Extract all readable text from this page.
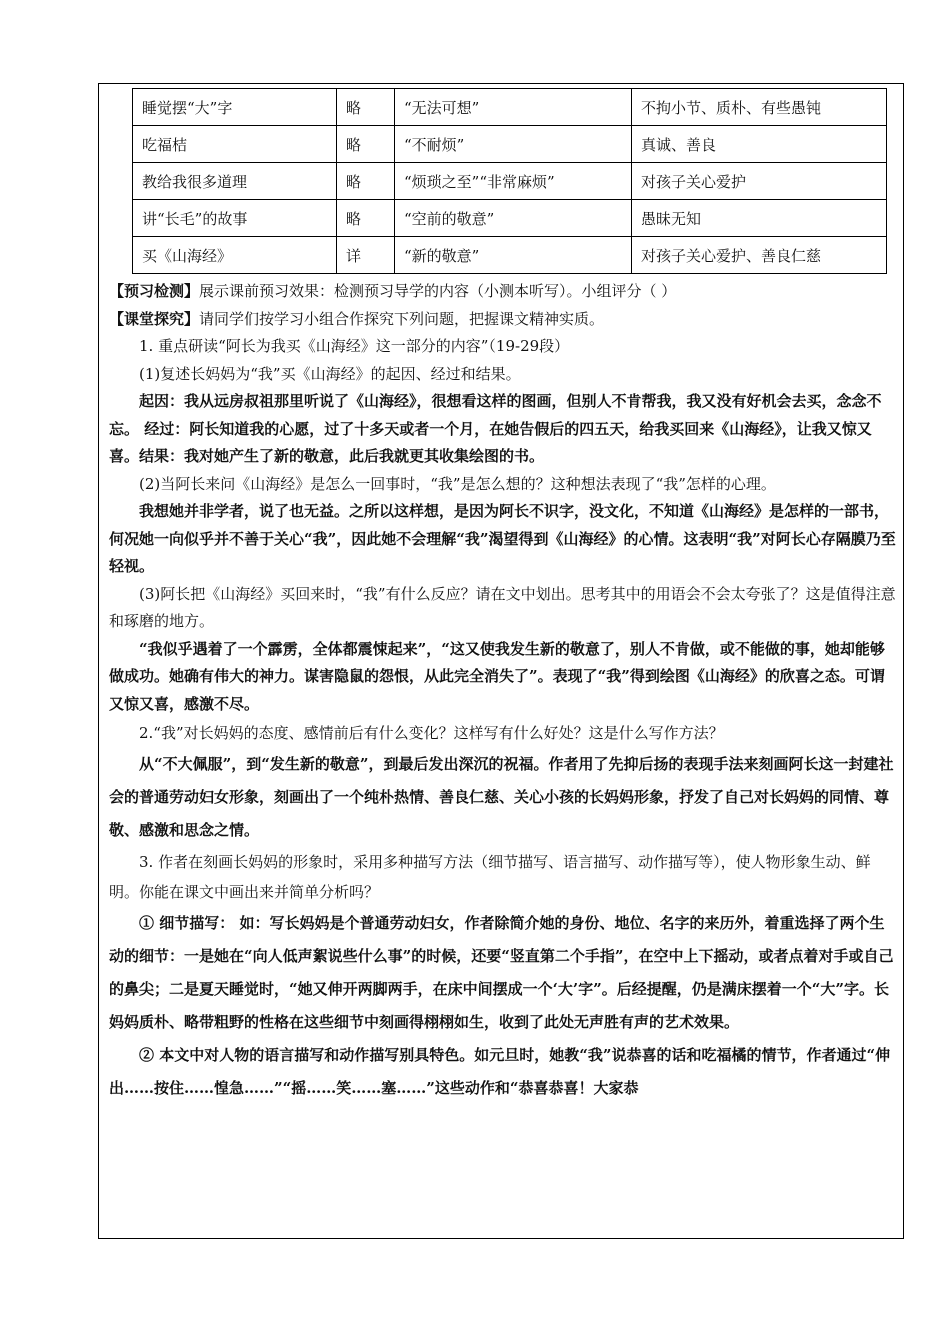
睡觉摆“大”字	略	“无法可想”	不拘小节、质朴、有些愚钝
吃福桔	略	“不耐烦”	真诚、善良
教给我很多道理	略	“烦琐之至”“非常麻烦”	对孩子关心爱护
讲“长毛”的故事	略	“空前的敬意”	愚昧无知
买《山海经》	详	“新的敬意”	对孩子关心爱护、善良仁慈

【预习检测】展示课前预习效果：检测预习导学的内容（小测本听写）。小组评分（ ）

【课堂探究】请同学们按学习小组合作探究下列问题，把握课文精神实质。

1. 重点研读“阿长为我买《山海经》这一部分的内容”（19-29段）

(1)复述长妈妈为“我”买《山海经》的起因、经过和结果。

起因：我从远房叔祖那里听说了《山海经》，很想看这样的图画，但别人不肯帮我，我又没有好机会去买，念念不忘。 经过：阿长知道我的心愿，过了十多天或者一个月，在她告假后的四五天，给我买回来《山海经》，让我又惊又喜。结果：我对她产生了新的敬意，此后我就更其收集绘图的书。

(2)当阿长来问《山海经》是怎么一回事时，“我”是怎么想的？这种想法表现了“我”怎样的心理。

我想她并非学者，说了也无益。之所以这样想，是因为阿长不识字，没文化，不知道《山海经》是怎样的一部书，何况她一向似乎并不善于关心“我”，因此她不会理解“我”渴望得到《山海经》的心情。这表明“我”对阿长心存隔膜乃至轻视。

(3)阿长把《山海经》买回来时，“我”有什么反应？请在文中划出。思考其中的用语会不会太夸张了？这是值得注意和琢磨的地方。

“我似乎遇着了一个霹雳，全体都震悚起来”，“这又使我发生新的敬意了，别人不肯做，或不能做的事，她却能够做成功。她确有伟大的神力。谋害隐鼠的怨恨，从此完全消失了”。表现了“我”得到绘图《山海经》的欣喜之态。可谓又惊又喜，感激不尽。

2.“我”对长妈妈的态度、感情前后有什么变化？这样写有什么好处？这是什么写作方法？

从“不大佩服”，到“发生新的敬意”，到最后发出深沉的祝福。作者用了先抑后扬的表现手法来刻画阿长这一封建社会的普通劳动妇女形象，刻画出了一个纯朴热情、善良仁慈、关心小孩的长妈妈形象，抒发了自己对长妈妈的同情、尊敬、感激和思念之情。

3. 作者在刻画长妈妈的形象时，采用多种描写方法（细节描写、语言描写、动作描写等），使人物形象生动、鲜明。你能在课文中画出来并简单分析吗？

① 细节描写： 如：写长妈妈是个普通劳动妇女，作者除简介她的身份、地位、名字的来历外，着重选择了两个生动的细节：一是她在“向人低声絮说些什么事”的时候，还要“竖直第二个手指”，在空中上下摇动，或者点着对手或自己的鼻尖；二是夏天睡觉时，“她又伸开两脚两手，在床中间摆成一个‘大’字”。后经提醒，仍是满床摆着一个“大”字。长妈妈质朴、略带粗野的性格在这些细节中刻画得栩栩如生，收到了此处无声胜有声的艺术效果。

② 本文中对人物的语言描写和动作描写别具特色。如元旦时，她教“我”说恭喜的话和吃福橘的情节，作者通过“伸出……按住……惶急……”“摇……笑……塞……”这些动作和“恭喜恭喜！大家恭
